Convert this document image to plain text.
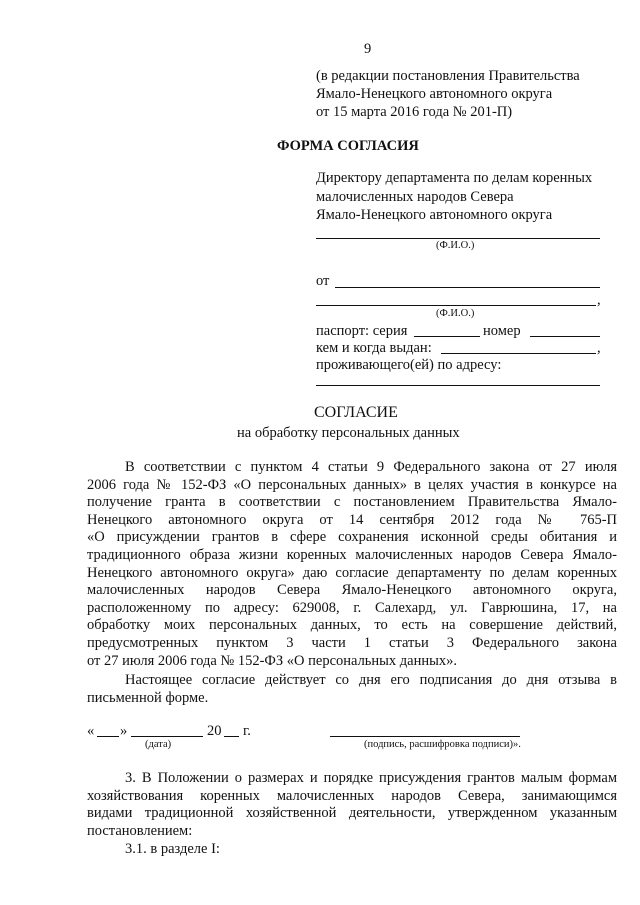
9
(в редакции постановления Правительства
Ямало-Ненецкого автономного округа
от 15 марта 2016 года № 201-П)
ФОРМА СОГЛАСИЯ
Директору департамента по делам коренных
малочисленных народов Севера
Ямало-Ненецкого автономного округа
(Ф.И.О.)
от
,
(Ф.И.О.)
паспорт: серия	номер
кем и когда выдан:	,
проживающего(ей) по адресу:
СОГЛАСИЕ
на обработку персональных данных
В соответствии с пунктом 4 статьи 9 Федерального закона от 27 июля
2006 года № 152-ФЗ «О персональных данных» в целях участия в конкурсе на
получение гранта в соответствии с постановлением Правительства Ямало-
Ненецкого автономного округа от 14 сентября 2012 года № 765-П
«О присуждении грантов в сфере сохранения исконной среды обитания и
традиционного образа жизни коренных малочисленных народов Севера Ямало-
Ненецкого автономного округа» даю согласие департаменту по делам коренных
малочисленных народов Севера Ямало-Ненецкого автономного округа,
расположенному по адресу: 629008, г. Салехард, ул. Гаврюшина, 17, на
обработку моих персональных данных, то есть на совершение действий,
предусмотренных пунктом 3 части 1 статьи 3 Федерального закона
от 27 июля 2006 года № 152-ФЗ «О персональных данных».
Настоящее согласие действует со дня его подписания до дня отзыва в
письменной форме.
« »	20 г.
(дата)	(подпись, расшифровка подписи)».
3. В Положении о размерах и порядке присуждения грантов малым формам
хозяйствования коренных малочисленных народов Севера, занимающимся
видами традиционной хозяйственной деятельности, утвержденном указанным
постановлением:
3.1. в разделе I:
